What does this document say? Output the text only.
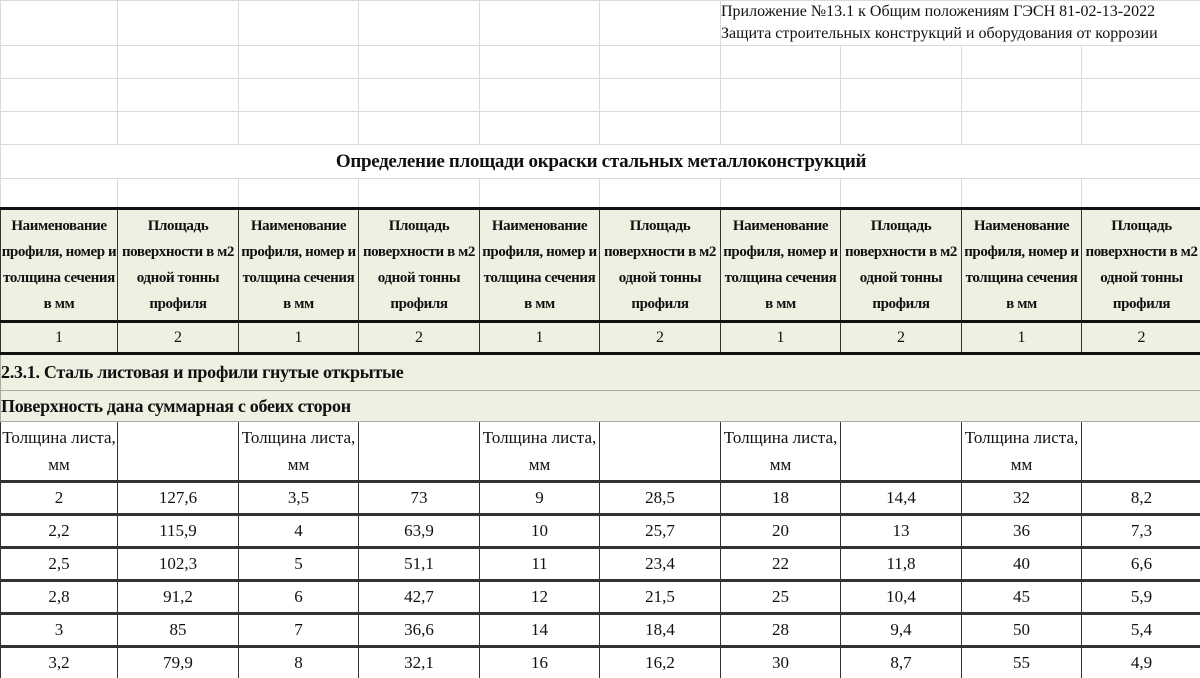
						Приложение №13.1 к Общим положениям ГЭСН 81-02-13-2022 Защита строительных конструкций и оборудования от коррозии			

Определение площади окраски стальных металлоконструкций									

Наименование профиля, номер и толщина сечения в мм	Площадь поверхности в м2 одной тонны профиля	Наименование профиля, номер и толщина сечения в мм	Площадь поверхности в м2 одной тонны профиля	Наименование профиля, номер и толщина сечения в мм	Площадь поверхности в м2 одной тонны профиля	Наименование профиля, номер и толщина сечения в мм	Площадь поверхности в м2 одной тонны профиля	Наименование профиля, номер и толщина сечения в мм	Площадь поверхности в м2 одной тонны профиля
1	2	1	2	1	2	1	2	1	2
2.3.1. Сталь листовая и профили гнутые открытые									
Поверхность дана суммарная с обеих сторон									
Толщина листа, мм		Толщина листа, мм		Толщина листа, мм		Толщина листа, мм		Толщина листа, мм	
2	127,6	3,5	73	9	28,5	18	14,4	32	8,2
2,2	115,9	4	63,9	10	25,7	20	13	36	7,3
2,5	102,3	5	51,1	11	23,4	22	11,8	40	6,6
2,8	91,2	6	42,7	12	21,5	25	10,4	45	5,9
3	85	7	36,6	14	18,4	28	9,4	50	5,4
3,2	79,9	8	32,1	16	16,2	30	8,7	55	4,9
